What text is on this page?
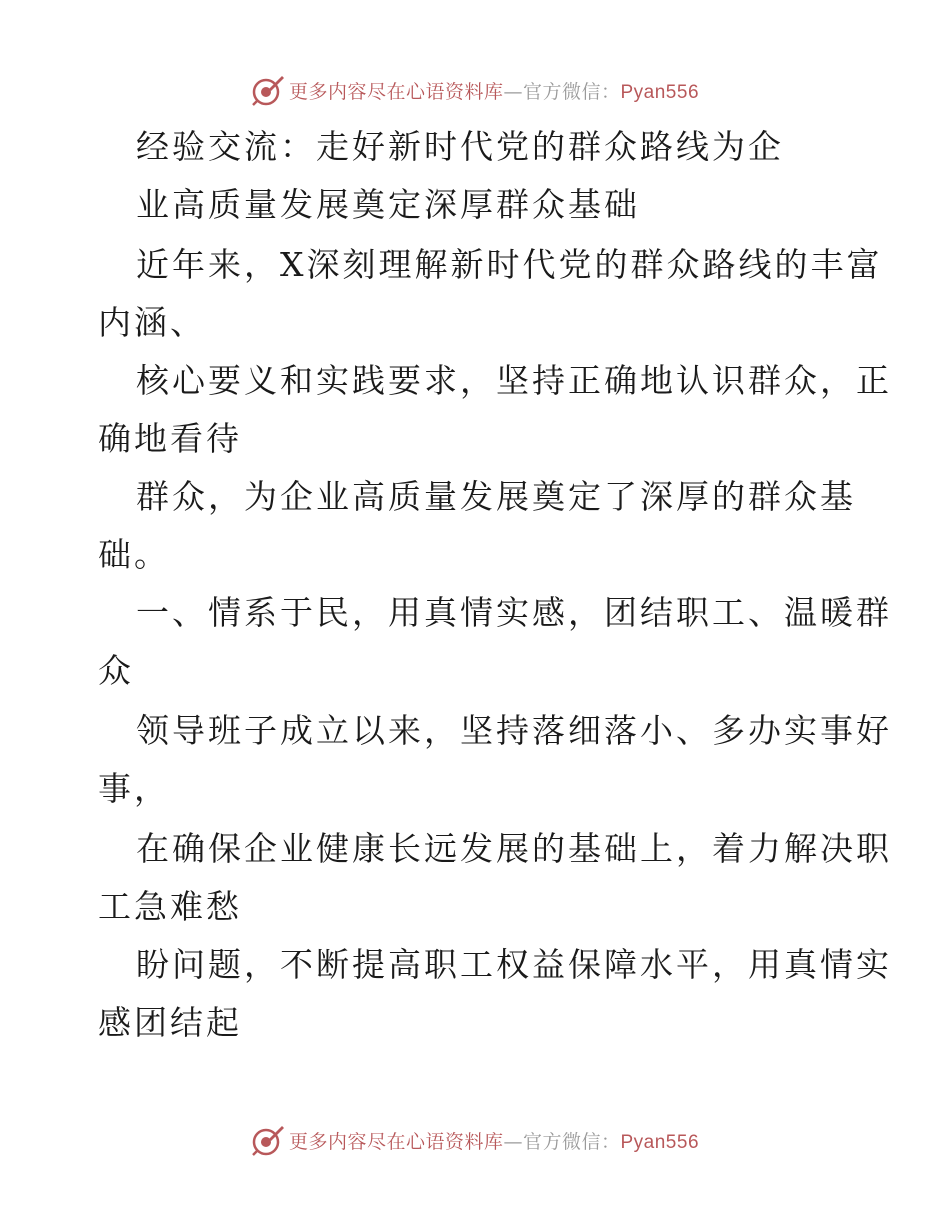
更多内容尽在心语资料库—官方微信：Pyan556
经验交流：走好新时代党的群众路线为企
业高质量发展奠定深厚群众基础
近年来，X深刻理解新时代党的群众路线的丰富
内涵、
核心要义和实践要求，坚持正确地认识群众，正
确地看待
群众，为企业高质量发展奠定了深厚的群众基
础。
一、情系于民，用真情实感，团结职工、温暖群
众
领导班子成立以来，坚持落细落小、多办实事好
事，
在确保企业健康长远发展的基础上，着力解决职
工急难愁
盼问题，不断提高职工权益保障水平，用真情实
感团结起
更多内容尽在心语资料库—官方微信：Pyan556
